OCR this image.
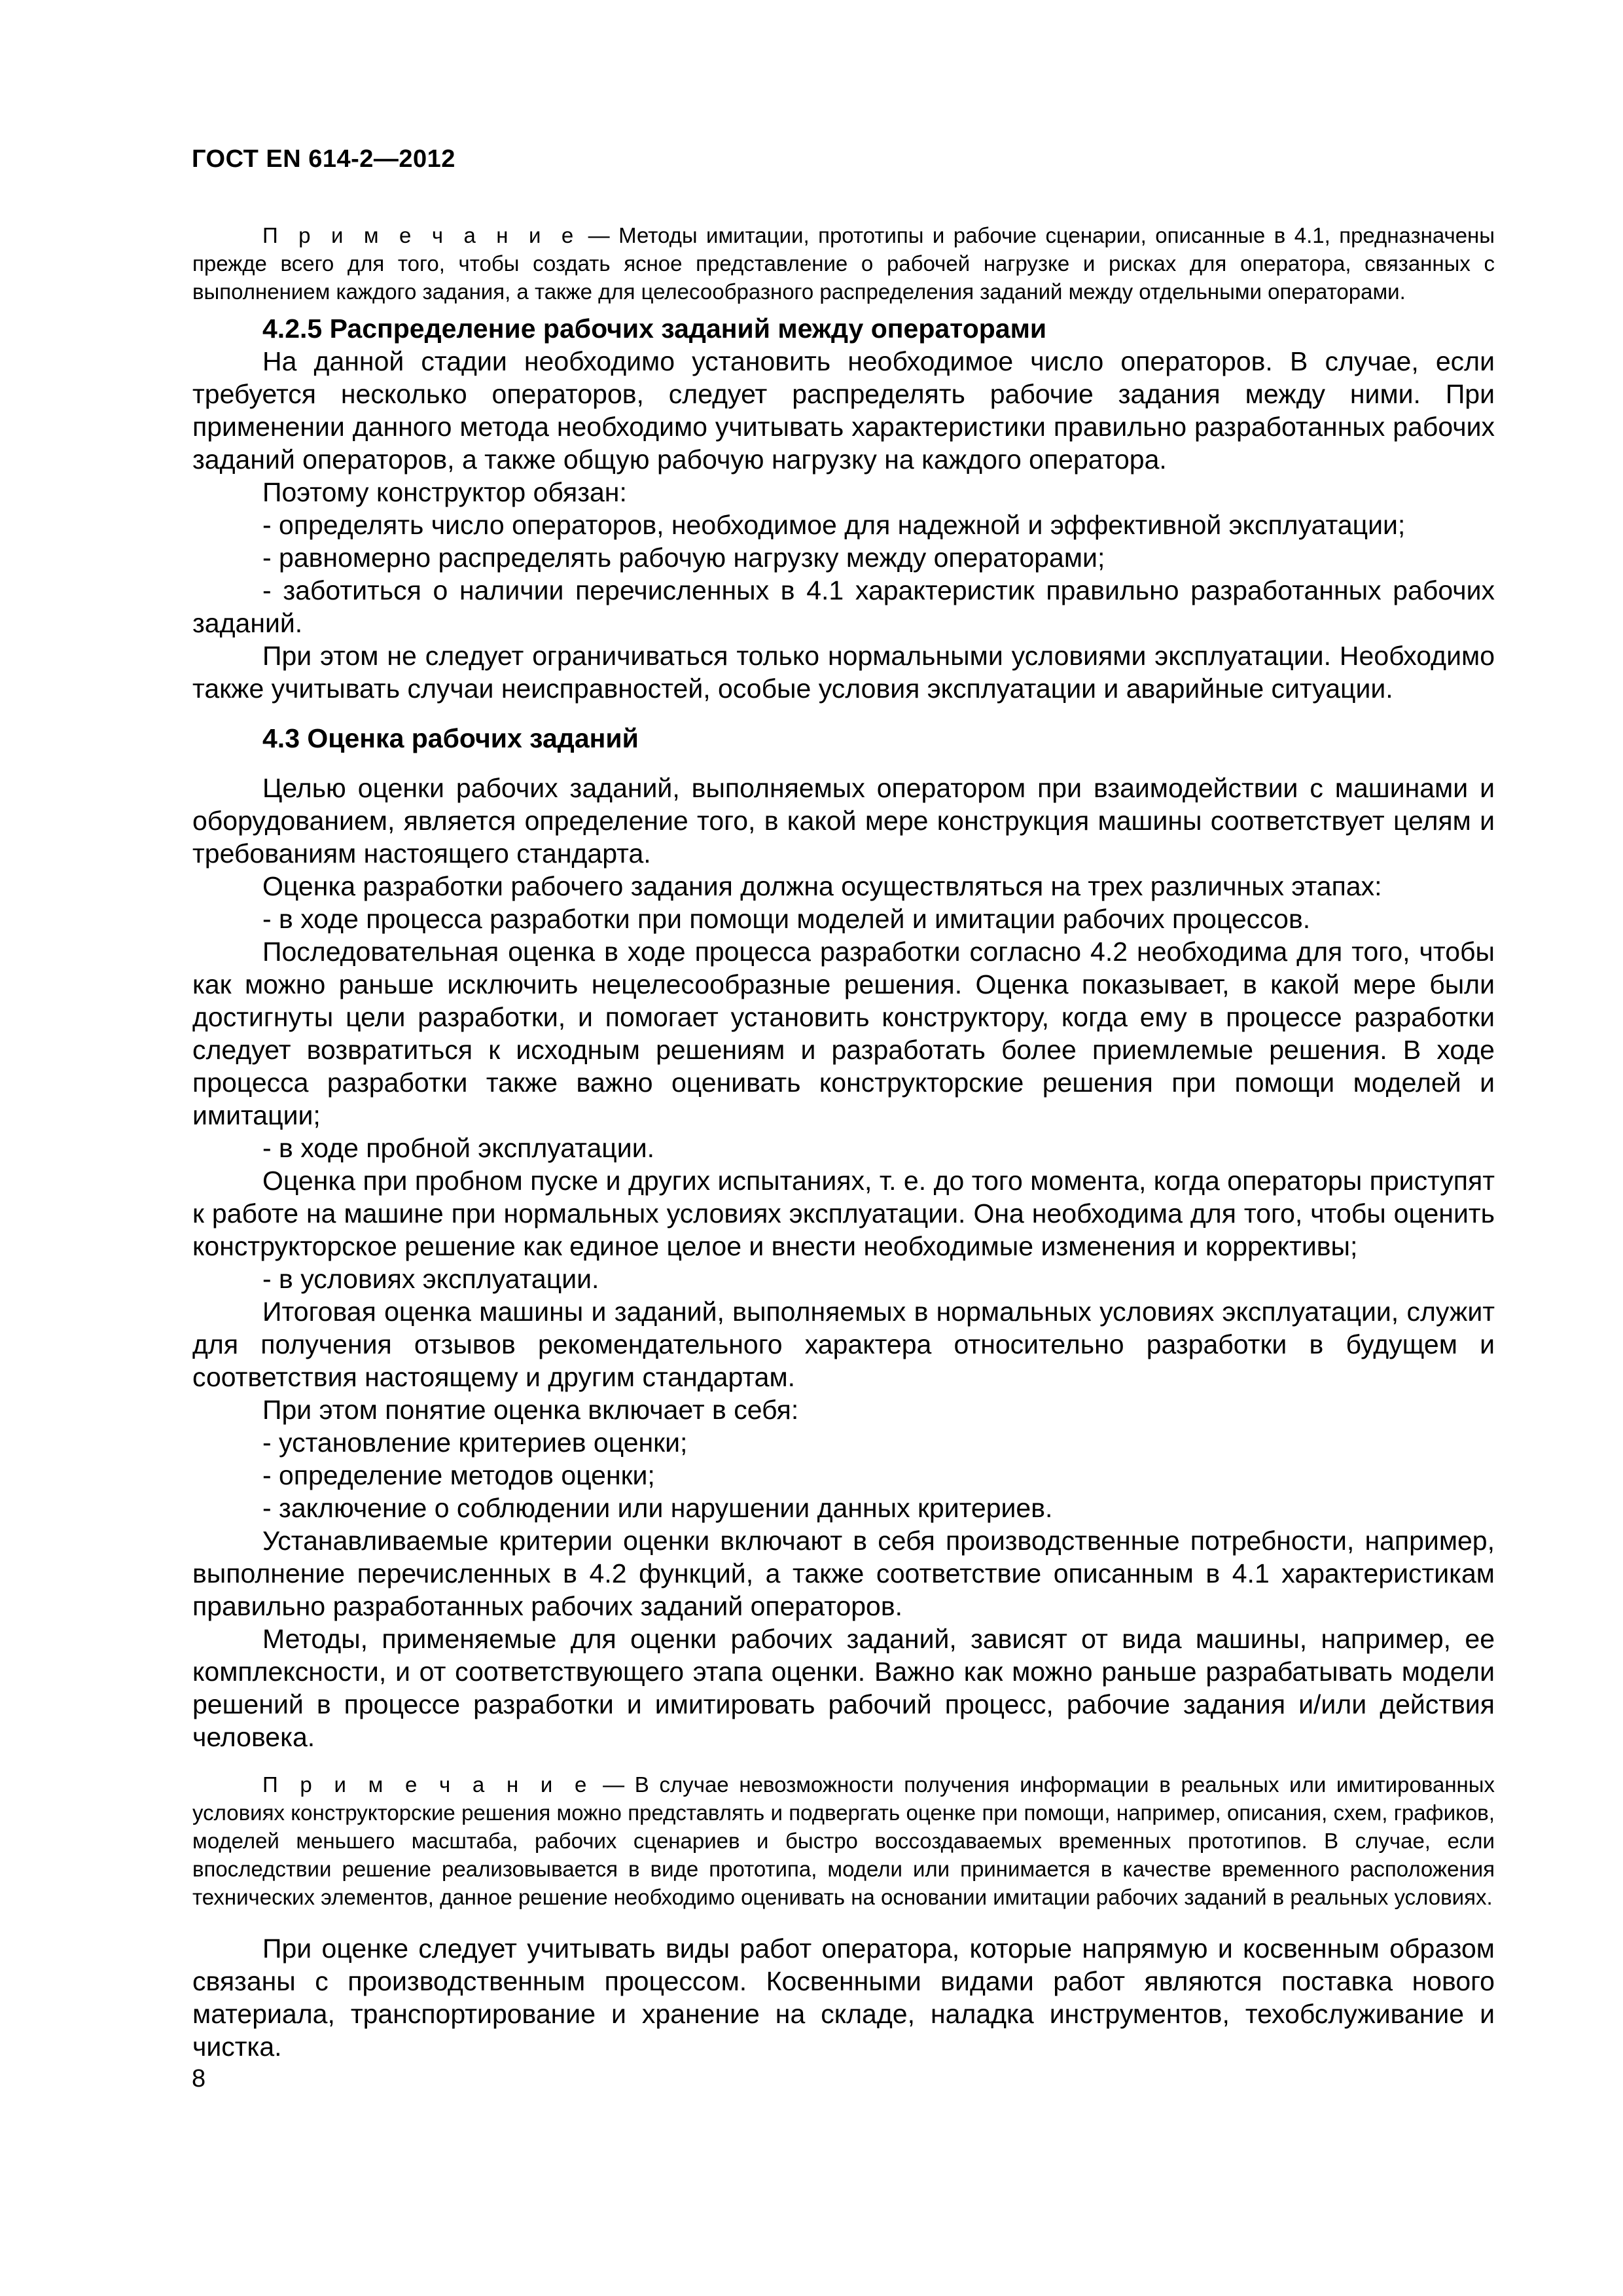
ГОСТ EN 614-2—2012

П р и м е ч а н и е — Методы имитации, прототипы и рабочие сценарии, описанные в 4.1, предназначены прежде всего для того, чтобы создать ясное представление о рабочей нагрузке и рисках для оператора, связанных с выполнением каждого задания, а также для целесообразного распределения заданий между отдельными операторами.

4.2.5 Распределение рабочих заданий между операторами

На данной стадии необходимо установить необходимое число операторов. В случае, если требуется несколько операторов, следует распределять рабочие задания между ними. При применении данного метода необходимо учитывать характеристики правильно разработанных рабочих заданий операторов, а также общую рабочую нагрузку на каждого оператора.

Поэтому конструктор обязан:

- определять число операторов, необходимое для надежной и эффективной эксплуатации;

- равномерно распределять рабочую нагрузку между операторами;

- заботиться о наличии перечисленных в 4.1 характеристик правильно разработанных рабочих заданий.

При этом не следует ограничиваться только нормальными условиями эксплуатации. Необходимо также учитывать случаи неисправностей, особые условия эксплуатации и аварийные ситуации.

4.3 Оценка рабочих заданий

Целью оценки рабочих заданий, выполняемых оператором при взаимодействии с машинами и оборудованием, является определение того, в какой мере конструкция машины соответствует целям и требованиям настоящего стандарта.

Оценка разработки рабочего задания должна осуществляться на трех различных этапах:

- в ходе процесса разработки при помощи моделей и имитации рабочих процессов.

Последовательная оценка в ходе процесса разработки согласно 4.2 необходима для того, чтобы как можно раньше исключить нецелесообразные решения. Оценка показывает, в какой мере были достигнуты цели разработки, и помогает установить конструктору, когда ему в процессе разработки следует возвратиться к исходным решениям и разработать более приемлемые решения. В ходе процесса разработки также важно оценивать конструкторские решения при помощи моделей и имитации;

- в ходе пробной эксплуатации.

Оценка при пробном пуске и других испытаниях, т. е. до того момента, когда операторы приступят к работе на машине при нормальных условиях эксплуатации. Она необходима для того, чтобы оценить конструкторское решение как единое целое и внести необходимые изменения и коррективы;

- в условиях эксплуатации.

Итоговая оценка машины и заданий, выполняемых в нормальных условиях эксплуатации, служит для получения отзывов рекомендательного характера относительно разработки в будущем и соответствия настоящему и другим стандартам.

При этом понятие оценка включает в себя:

- установление критериев оценки;

- определение методов оценки;

- заключение о соблюдении или нарушении данных критериев.

Устанавливаемые критерии оценки включают в себя производственные потребности, например, выполнение перечисленных в 4.2 функций, а также соответствие описанным в 4.1 характеристикам правильно разработанных рабочих заданий операторов.

Методы, применяемые для оценки рабочих заданий, зависят от вида машины, например, ее комплексности, и от соответствующего этапа оценки. Важно как можно раньше разрабатывать модели решений в процессе разработки и имитировать рабочий процесс, рабочие задания и/или действия человека.

П р и м е ч а н и е — В случае невозможности получения информации в реальных или имитированных условиях конструкторские решения можно представлять и подвергать оценке при помощи, например, описания, схем, графиков, моделей меньшего масштаба, рабочих сценариев и быстро воссоздаваемых временных прототипов. В случае, если впоследствии решение реализовывается в виде прототипа, модели или принимается в качестве временного расположения технических элементов, данное решение необходимо оценивать на основании имитации рабочих заданий в реальных условиях.

При оценке следует учитывать виды работ оператора, которые напрямую и косвенным образом связаны с производственным процессом. Косвенными видами работ являются поставка нового материала, транспортирование и хранение на складе, наладка инструментов, техобслуживание и чистка.

8
